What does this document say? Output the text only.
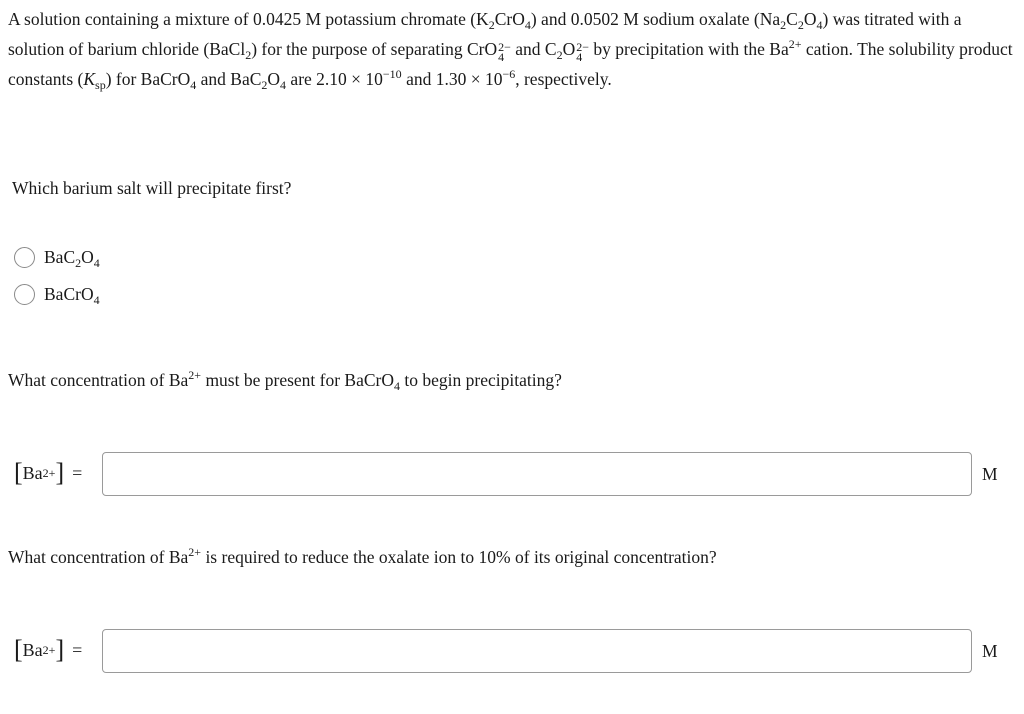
A solution containing a mixture of 0.0425 M potassium chromate $(K_2CrO_4)$ and 0.0502 M sodium oxalate $(Na_2C_2O_4)$ was titrated with a solution of barium chloride (BaCl$_2$) for the purpose of separating CrO 2−
4 and $C_2O$ 2−
4 by precipitation with the $Ba^{2+}$ cation. The solubility product constants $(K_{sp})$ for BaCrO$_4$ and $BaC_2O_4$ are $2.10 \times 10^{-10}$ and $1.30 \times 10^{-6}$, respectively.

Which barium salt will precipitate first?

$BaC_2O_4$
BaCrO$_4$

What concentration of $Ba^{2+}$ must be present for BaCrO$_4$ to begin precipitating?

[ Ba 2+ ] =	M

What concentration of $Ba^{2+}$ is required to reduce the oxalate ion to 10% of its original concentration?

[ Ba 2+ ] =	M
